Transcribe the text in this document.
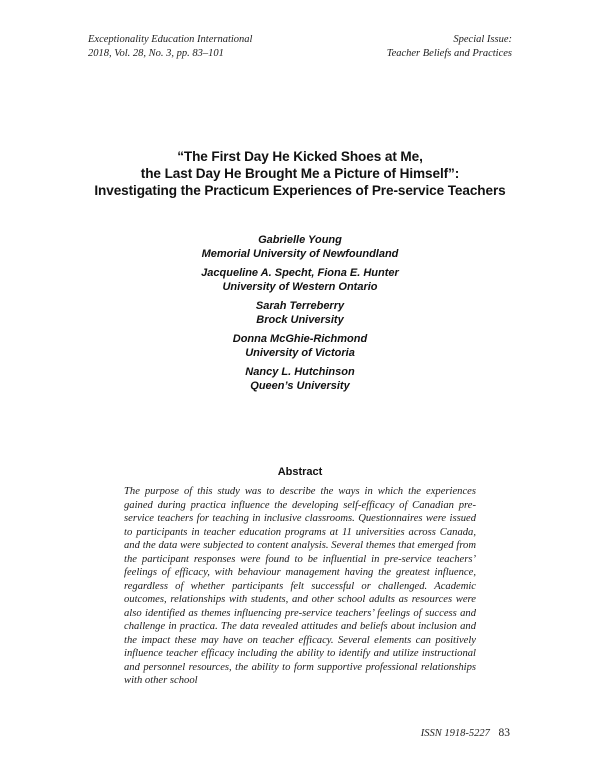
Exceptionality Education International
2018, Vol. 28, No. 3, pp. 83–101
Special Issue:
Teacher Beliefs and Practices
“The First Day He Kicked Shoes at Me,
the Last Day He Brought Me a Picture of Himself”:
Investigating the Practicum Experiences of Pre-service Teachers
Gabrielle Young
Memorial University of Newfoundland
Jacqueline A. Specht, Fiona E. Hunter
University of Western Ontario
Sarah Terreberry
Brock University
Donna McGhie-Richmond
University of Victoria
Nancy L. Hutchinson
Queen’s University
Abstract
The purpose of this study was to describe the ways in which the experiences gained during practica influence the developing self-efficacy of Canadian pre-service teachers for teaching in inclusive classrooms. Questionnaires were issued to participants in teacher education programs at 11 universities across Canada, and the data were subjected to content analysis. Several themes that emerged from the participant responses were found to be influential in pre-service teachers’ feelings of efficacy, with behaviour management having the greatest influence, regardless of whether participants felt successful or challenged. Academic outcomes, relationships with students, and other school adults as resources were also identified as themes influencing pre-service teachers’ feelings of success and challenge in practica. The data revealed attitudes and beliefs about inclusion and the impact these may have on teacher efficacy. Several elements can positively influence teacher efficacy including the ability to identify and utilize instructional and personnel resources, the ability to form supportive professional relationships with other school
ISSN 1918-5227 83
